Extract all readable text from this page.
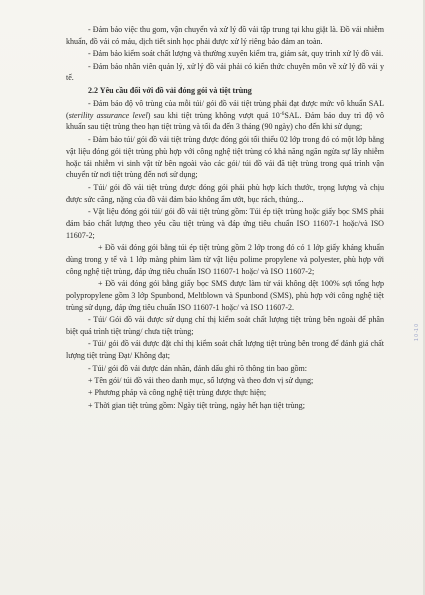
- Đảm bảo việc thu gom, vận chuyển và xử lý đồ vải tập trung tại khu giặt là. Đồ vải nhiễm khuẩn, đồ vải có máu, dịch tiết sinh học phải được xử lý riêng bảo đảm an toàn.

- Đảm bảo kiểm soát chất lượng và thường xuyên kiểm tra, giám sát, quy trình xử lý đồ vải.

- Đảm bảo nhân viên quản lý, xử lý đồ vải phải có kiến thức chuyên môn về xử lý đồ vải y tế.

2.2 Yêu cầu đối với đồ vải đóng gói và tiệt trùng

- Đảm bảo độ vô trùng của mỗi túi/ gói đồ vải tiệt trùng phải đạt được mức vô khuẩn SAL (sterility assurance level) sau khi tiệt trùng không vượt quá $10^{-6}SAL$. Đảm bảo duy trì độ vô khuẩn sau tiệt trùng theo hạn tiệt trùng và tối đa đến 3 tháng (90 ngày) cho đến khi sử dụng;

- Đảm bảo túi/ gói đồ vải tiệt trùng được đóng gói tối thiểu 02 lớp trong đó có một lớp bằng vật liệu đóng gói tiệt trùng phù hợp với công nghệ tiệt trùng có khả năng ngăn ngừa sự lây nhiễm hoặc tái nhiễm vi sinh vật từ bên ngoài vào các gói/ túi đồ vải đã tiệt trùng trong quá trình vận chuyển từ nơi tiệt trùng đến nơi sử dụng;

- Túi/ gói đồ vải tiệt trùng được đóng gói phải phù hợp kích thước, trọng lượng và chịu được sức căng, nặng của đồ vải đảm bảo không ẩm ướt, bục rách, thủng...

- Vật liệu đóng gói túi/ gói đồ vải tiệt trùng gồm: Túi ép tiệt trùng hoặc giấy bọc SMS phải đảm bảo chất lượng theo yêu cầu tiệt trùng và đáp ứng tiêu chuẩn ISO 11607-1 hoặc/và ISO 11607-2;

+ Đồ vải đóng gói bằng túi ép tiệt trùng gồm 2 lớp trong đó có 1 lớp giấy kháng khuẩn dùng trong y tế và 1 lớp màng phim làm từ vật liệu polime propylene và polyester, phù hợp với công nghệ tiệt trùng, đáp ứng tiêu chuẩn ISO 11607-1 hoặc/ và ISO 11607-2;

+ Đồ vải đóng gói bằng giấy bọc SMS được làm từ vải không dệt 100% sợi tổng hợp polypropylene gồm 3 lớp Spunbond, Meltblown và Spunbond (SMS), phù hợp với công nghệ tiệt trùng sử dụng, đáp ứng tiêu chuẩn ISO 11607-1 hoặc/ và ISO 11607-2.

- Túi/ Gói đồ vải được sử dụng chỉ thị kiểm soát chất lượng tiệt trùng bên ngoài để phân biệt quá trình tiệt trùng/ chưa tiệt trùng;

- Túi/ gói đồ vải được đặt chỉ thị kiểm soát chất lượng tiệt trùng bên trong để đánh giá chất lượng tiệt trùng Đạt/ Không đạt;

- Túi/ gói đồ vải được dán nhãn, đánh dấu ghi rõ thông tin bao gồm:

+ Tên gói/ túi đồ vải theo danh mục, số lượng và theo đơn vị sử dụng;

+ Phương pháp và công nghệ tiệt trùng được thực hiện;

+ Thời gian tiệt trùng gồm: Ngày tiệt trùng, ngày hết hạn tiệt trùng;

1 0 -1 0
